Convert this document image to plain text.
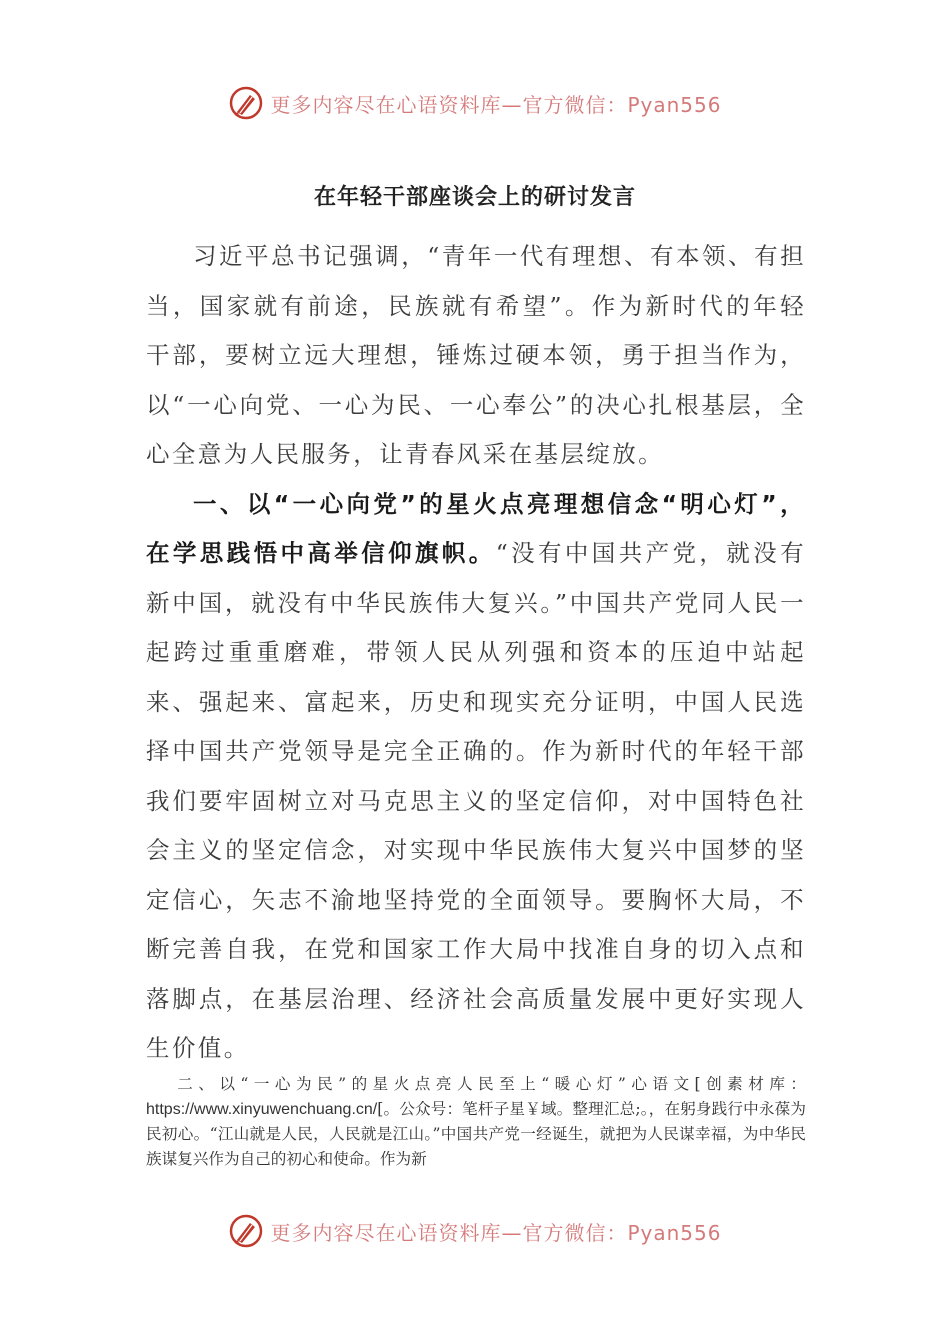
更多内容尽在心语资料库—官方微信：Pyan556
在年轻干部座谈会上的研讨发言

习近平总书记强调，“青年一代有理想、有本领、有担当，国家就有前途，民族就有希望”。作为新时代的年轻干部，要树立远大理想，锤炼过硬本领，勇于担当作为，以“一心向党、一心为民、一心奉公”的决心扎根基层，全心全意为人民服务，让青春风采在基层绽放。

一、以“一心向党”的星火点亮理想信念“明心灯”，在学思践悟中高举信仰旗帜。“没有中国共产党，就没有新中国，就没有中华民族伟大复兴。”中国共产党同人民一起跨过重重磨难，带领人民从列强和资本的压迫中站起来、强起来、富起来，历史和现实充分证明，中国人民选择中国共产党领导是完全正确的。作为新时代的年轻干部我们要牢固树立对马克思主义的坚定信仰，对中国特色社会主义的坚定信念，对实现中华民族伟大复兴中国梦的坚定信心，矢志不渝地坚持党的全面领导。要胸怀大局，不断完善自我，在党和国家工作大局中找准自身的切入点和落脚点，在基层治理、经济社会高质量发展中更好实现人生价值。

二、以“一心为民”的星火点亮人民至上“暖心灯”心语文[创素材库：https://www.xinyuwenchuang.cn/[。公众号：笔杆子星￥域。整理汇总;。，在躬身践行中永葆为民初心。“江山就是人民，人民就是江山。”中国共产党一经诞生，就把为人民谋幸福，为中华民族谋复兴作为自己的初心和使命。作为新

更多内容尽在心语资料库—官方微信：Pyan556
